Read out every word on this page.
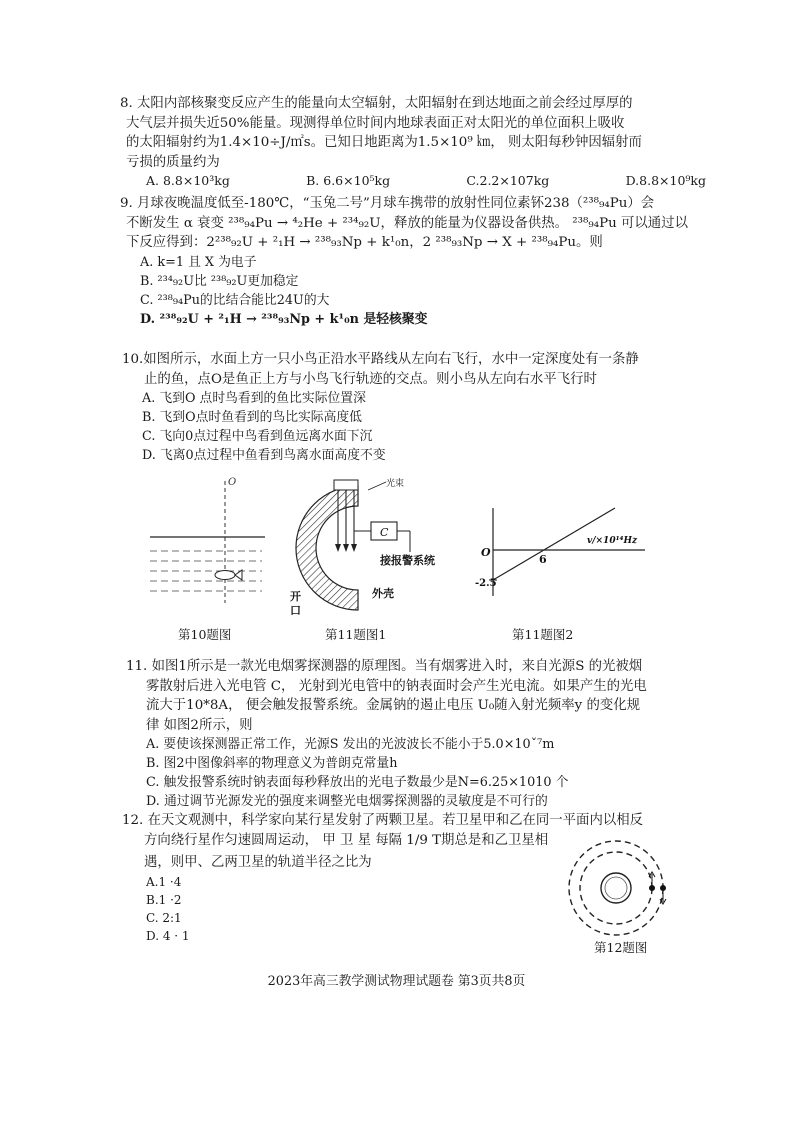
8. 太阳内部核聚变反应产生的能量向太空辐射，太阳辐射在到达地面之前会经过厚厚的

大气层并损失近50%能量。现测得单位时间内地球表面正对太阳光的单位面积上吸收

的太阳辐射约为1.4×10÷J/㎡s。已知日地距离为1.5×10⁹ ㎞， 则太阳每秒钟因辐射而

亏损的质量约为

A. 8.8×10³kg	B. 6.6×10⁵kg	C.2.2×107kg	D.8.8×10⁹kg

9. 月球夜晚温度低至-180℃，“玉兔二号”月球车携带的放射性同位素钚238（²³⁸₉₄Pu）会

不断发生 α 衰变 ²³⁸₉₄Pu → ⁴₂He + ²³⁴₉₂U，释放的能量为仪器设备供热。 ²³⁸₉₄Pu 可以通过以

下反应得到：2²³⁸₉₂U + ²₁H → ²³⁸₉₃Np + k¹₀n，2 ²³⁸₉₃Np → X + ²³⁸₉₄Pu。则

A. k=1 且 X 为电子

B. ²³⁴₉₂U比 ²³⁸₉₂U更加稳定

C. ²³⁸₉₄Pu的比结合能比24U的大

D. ²³⁸₉₂U + ²₁H → ²³⁸₉₃Np + k¹₀n 是轻核聚变

10.如图所示，水面上方一只小鸟正沿水平路线从左向右飞行，水中一定深度处有一条静

止的鱼，点O是鱼正上方与小鸟飞行轨迹的交点。则小鸟从左向右水平飞行时

A. 飞到O 点时鸟看到的鱼比实际位置深

B. 飞到O点时鱼看到的鸟比实际高度低

C. 飞向0点过程中鸟看到鱼远离水面下沉

D. 飞离0点过程中鱼看到鸟离水面高度不变

O	光束
C
接报警系统
外壳
开
口
O
6
-2.5
v/×10¹⁴Hz
第10题图	第11题图1	第11题图2

11. 如图1所示是一款光电烟雾探测器的原理图。当有烟雾进入时，来自光源S 的光被烟

雾散射后进入光电管 C， 光射到光电管中的钠表面时会产生光电流。如果产生的光电

流大于10*8A， 便会触发报警系统。金属钠的遏止电压 U₀随入射光频率y 的变化规

律 如图2所示，则

A. 要使该探测器正常工作，光源S 发出的光波波长不能小于5.0×10ˇ⁷m

B. 图2中图像斜率的物理意义为普朗克常量h

C. 触发报警系统时钠表面每秒释放出的光电子数最少是N=6.25×1010 个

D. 通过调节光源发光的强度来调整光电烟雾探测器的灵敏度是不可行的

12. 在天文观测中，科学家向某行星发射了两颗卫星。若卫星甲和乙在同一平面内以相反

方向绕行星作匀速圆周运动， 甲 卫 星 每隔 1/9 T期总是和乙卫星相

遇，则甲、乙两卫星的轨道半径之比为

A.1 ·4

B.1 ·2

C. 2:1

D. 4 · 1

第12题图
2023年高三教学测试物理试题卷 第3页共8页
